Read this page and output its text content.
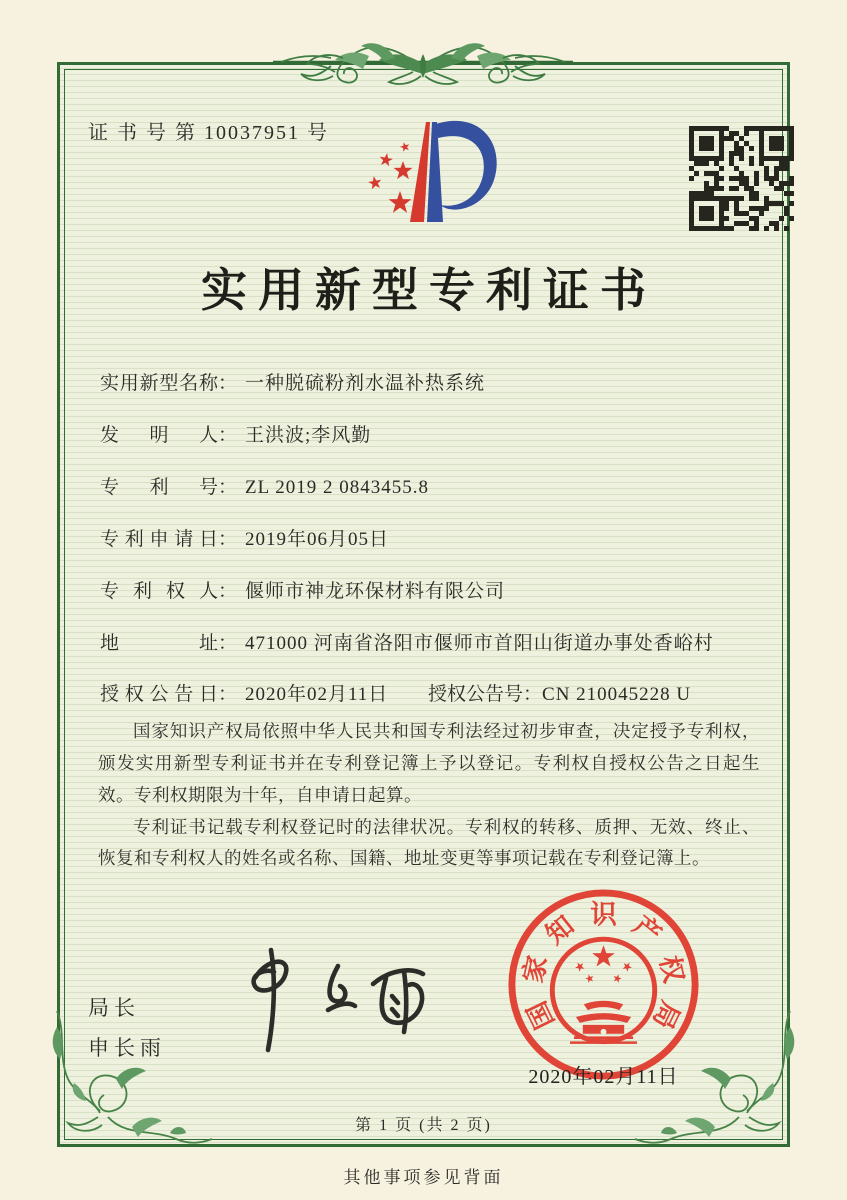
证 书 号 第 10037951 号
实用新型专利证书
实用新型名称： 一种脱硫粉剂水温补热系统
发明人： 王洪波;李风勤
专利号： ZL 2019 2 0843455.8
专利申请日： 2019年06月05日
专利权人： 偃师市神龙环保材料有限公司
地址： 471000 河南省洛阳市偃师市首阳山街道办事处香峪村
授权公告日： 2020年02月11日 授权公告号：CN 210045228 U

国家知识产权局依照中华人民共和国专利法经过初步审查，决定授予专利权，颁发实用新型专利证书并在专利登记簿上予以登记。专利权自授权公告之日起生效。专利权期限为十年，自申请日起算。

专利证书记载专利权登记时的法律状况。专利权的转移、质押、无效、终止、恢复和专利权人的姓名或名称、国籍、地址变更等事项记载在专利登记簿上。

局长
申长雨
国
家
知 识 产
权
局
2020年02月11日
第 1 页 (共 2 页)
其他事项参见背面
